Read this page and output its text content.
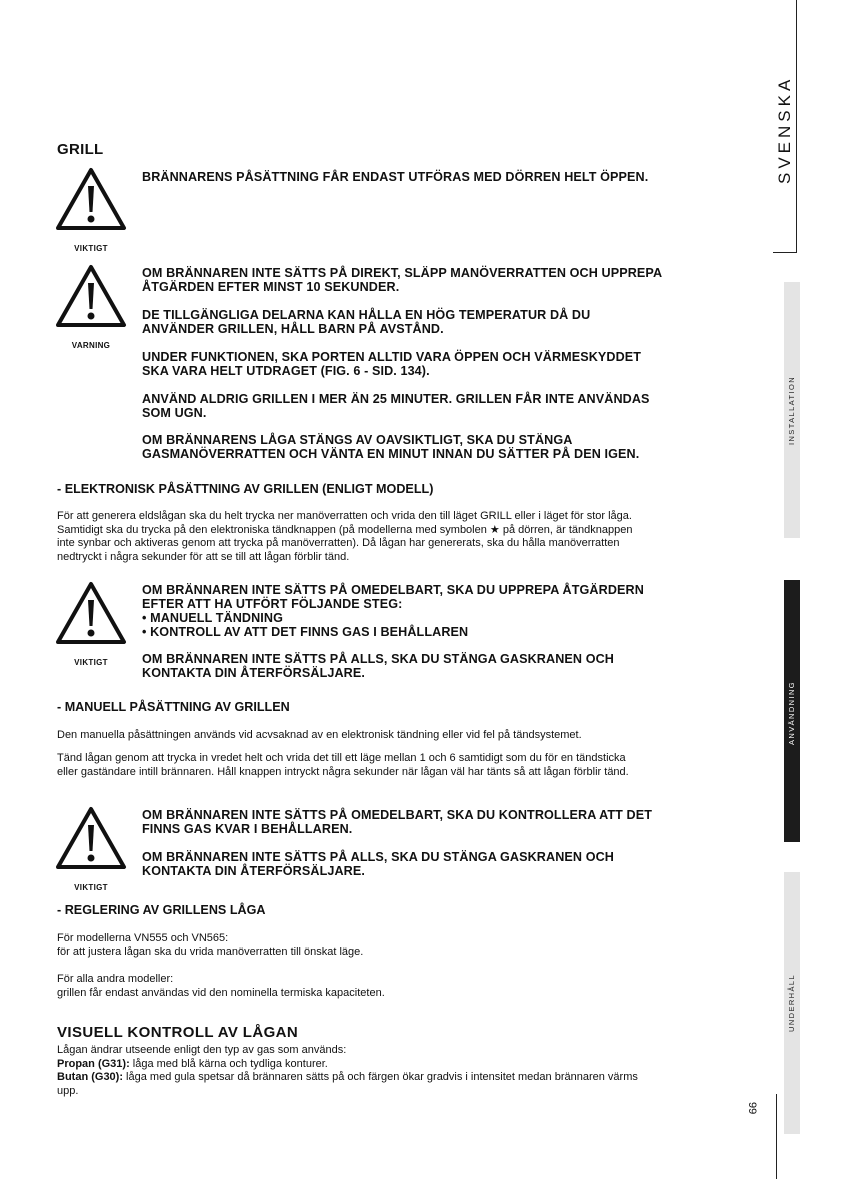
GRILL
VIKTIGT
BRÄNNARENS PÅSÄTTNING FÅR ENDAST UTFÖRAS MED DÖRREN HELT ÖPPEN.
VARNING
OM BRÄNNAREN INTE SÄTTS PÅ DIREKT, SLÄPP MANÖVERRATTEN OCH UPPREPA
ÅTGÄRDEN EFTER MINST 10 SEKUNDER.
DE TILLGÄNGLIGA DELARNA KAN HÅLLA EN HÖG TEMPERATUR DÅ DU
ANVÄNDER GRILLEN, HÅLL BARN PÅ AVSTÅND.
UNDER FUNKTIONEN, SKA PORTEN ALLTID VARA ÖPPEN OCH VÄRMESKYDDET
SKA VARA HELT UTDRAGET (FIG. 6 - SID. 134).
ANVÄND ALDRIG GRILLEN I MER ÄN 25 MINUTER. GRILLEN FÅR INTE ANVÄNDAS
SOM UGN.
OM BRÄNNARENS LÅGA STÄNGS AV OAVSIKTLIGT, SKA DU STÄNGA
GASMANÖVERRATTEN OCH VÄNTA EN MINUT INNAN DU SÄTTER PÅ DEN IGEN.
- ELEKTRONISK PÅSÄTTNING AV GRILLEN (ENLIGT MODELL)
För att generera eldslågan ska du helt trycka ner manöverratten och vrida den till läget GRILL eller i läget för stor låga.
Samtidigt ska du trycka på den elektroniska tändknappen (på modellerna med symbolen ★ på dörren, är tändknappen
inte synbar och aktiveras genom att trycka på manöverratten). Då lågan har genererats, ska du hålla manöverratten
nedtryckt i några sekunder för att se till att lågan förblir tänd.
VIKTIGT
OM BRÄNNAREN INTE SÄTTS PÅ OMEDELBART, SKA DU UPPREPA ÅTGÄRDERN
EFTER ATT HA UTFÖRT FÖLJANDE STEG:
• MANUELL TÄNDNING
• KONTROLL AV ATT DET FINNS GAS I BEHÅLLAREN
OM BRÄNNAREN INTE SÄTTS PÅ ALLS, SKA DU STÄNGA GASKRANEN OCH
KONTAKTA DIN ÅTERFÖRSÄLJARE.
- MANUELL PÅSÄTTNING AV GRILLEN
Den manuella påsättningen används vid acvsaknad av en elektronisk tändning eller vid fel på tändsystemet.
Tänd lågan genom att trycka in vredet helt och vrida det till ett läge mellan 1 och 6 samtidigt som du för en tändsticka
eller gaständare intill brännaren. Håll knappen intryckt några sekunder när lågan väl har tänts så att lågan förblir tänd.
VIKTIGT
OM BRÄNNAREN INTE SÄTTS PÅ OMEDELBART, SKA DU KONTROLLERA ATT DET
FINNS GAS KVAR I BEHÅLLAREN.
OM BRÄNNAREN INTE SÄTTS PÅ ALLS, SKA DU STÄNGA GASKRANEN OCH
KONTAKTA DIN ÅTERFÖRSÄLJARE.
- REGLERING AV GRILLENS LÅGA
För modellerna VN555 och VN565:
för att justera lågan ska du vrida manöverratten till önskat läge.
För alla andra modeller:
grillen får endast användas vid den nominella termiska kapaciteten.
VISUELL KONTROLL AV LÅGAN
Lågan ändrar utseende enligt den typ av gas som används:
Propan (G31): låga med blå kärna och tydliga konturer.
Butan (G30): låga med gula spetsar då brännaren sätts på och färgen ökar gradvis i intensitet medan brännaren värms
upp.
SVENSKA
INSTALLATION
ANVÄNDNING
UNDERHÅLL
99
